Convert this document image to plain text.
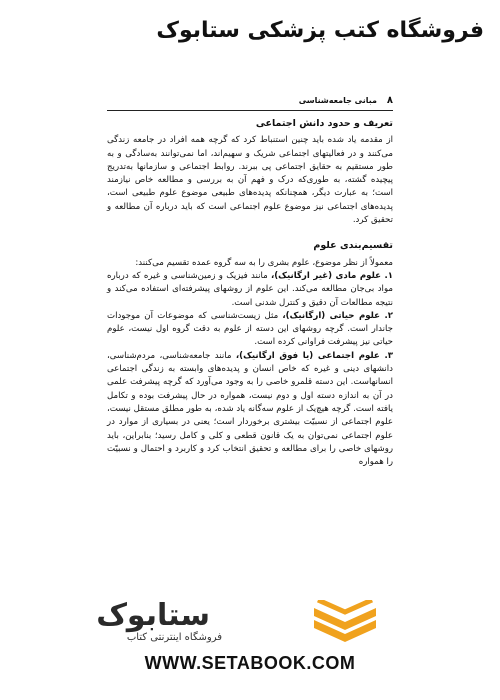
فروشگاه کتب پزشکی ستابوک
۸
مبانی جامعه‌شناسی
تعریف و حدود دانش اجتماعی

از مقدمه یاد شده باید چنین استنباط کرد که گرچه همه افراد در جامعه زندگی می‌کنند و در فعالیتهای اجتماعی شریک و سهیم‌اند، اما نمی‌توانند به‌سادگی و به طور مستقیم به حقایق اجتماعی پی ببرند. روابط اجتماعی و سازمانها به‌تدریج پیچیده گشته، به طوری‌که درک و فهم آن به بررسی و مطالعه خاص نیازمند است؛ به عبارت دیگر، همچنانکه پدیده‌های طبیعی موضوع علوم طبیعی است، پدیده‌های اجتماعی نیز موضوع علوم اجتماعی است که باید درباره آن مطالعه و تحقیق کرد.

تقسیم‌بندی علوم

معمولاً از نظر موضوع، علوم بشری را به سه گروه عمده تقسیم می‌کنند:

۱. علوم مادی (غیر ارگانیک)، مانند فیزیک و زمین‌شناسی و غیره که درباره مواد بی‌جان مطالعه می‌کند. این علوم از روشهای پیشرفته‌ای استفاده می‌کند و نتیجه مطالعات آن دقیق و کنترل شدنی است.

۲. علوم حیاتی (ارگانیک)، مثل زیست‌شناسی که موضوعات آن موجودات جاندار است. گرچه روشهای این دسته از علوم به دقت گروه اول نیست، علوم حیاتی نیز پیشرفت فراوانی کرده است.

۳. علوم اجتماعی (یا فوق ارگانیک)، مانند جامعه‌شناسی، مردم‌شناسی، دانشهای دینی و غیره که خاص انسان و پدیده‌های وابسته به زندگی اجتماعی انسانهاست. این دسته قلمرو خاصی را به وجود می‌آورد که گرچه پیشرفت علمی در آن به اندازه دسته اول و دوم نیست، همواره در حال پیشرفت بوده و تکامل یافته است. گرچه هیچ‌یک از علوم سه‌گانه یاد شده، به طور مطلق مستقل نیست، علوم اجتماعی از نسبیّت بیشتری برخوردار است؛ یعنی در بسیاری از موارد در علوم اجتماعی نمی‌توان به یک قانون قطعی و کلی و کامل رسید؛ بنابراین، باید روشهای خاصی را برای مطالعه و تحقیق انتخاب کرد و کاربرد و احتمال و نسبیّت را همواره

ستابوک
فروشگاه اینترنتی کتاب
WWW.SETABOOK.COM
